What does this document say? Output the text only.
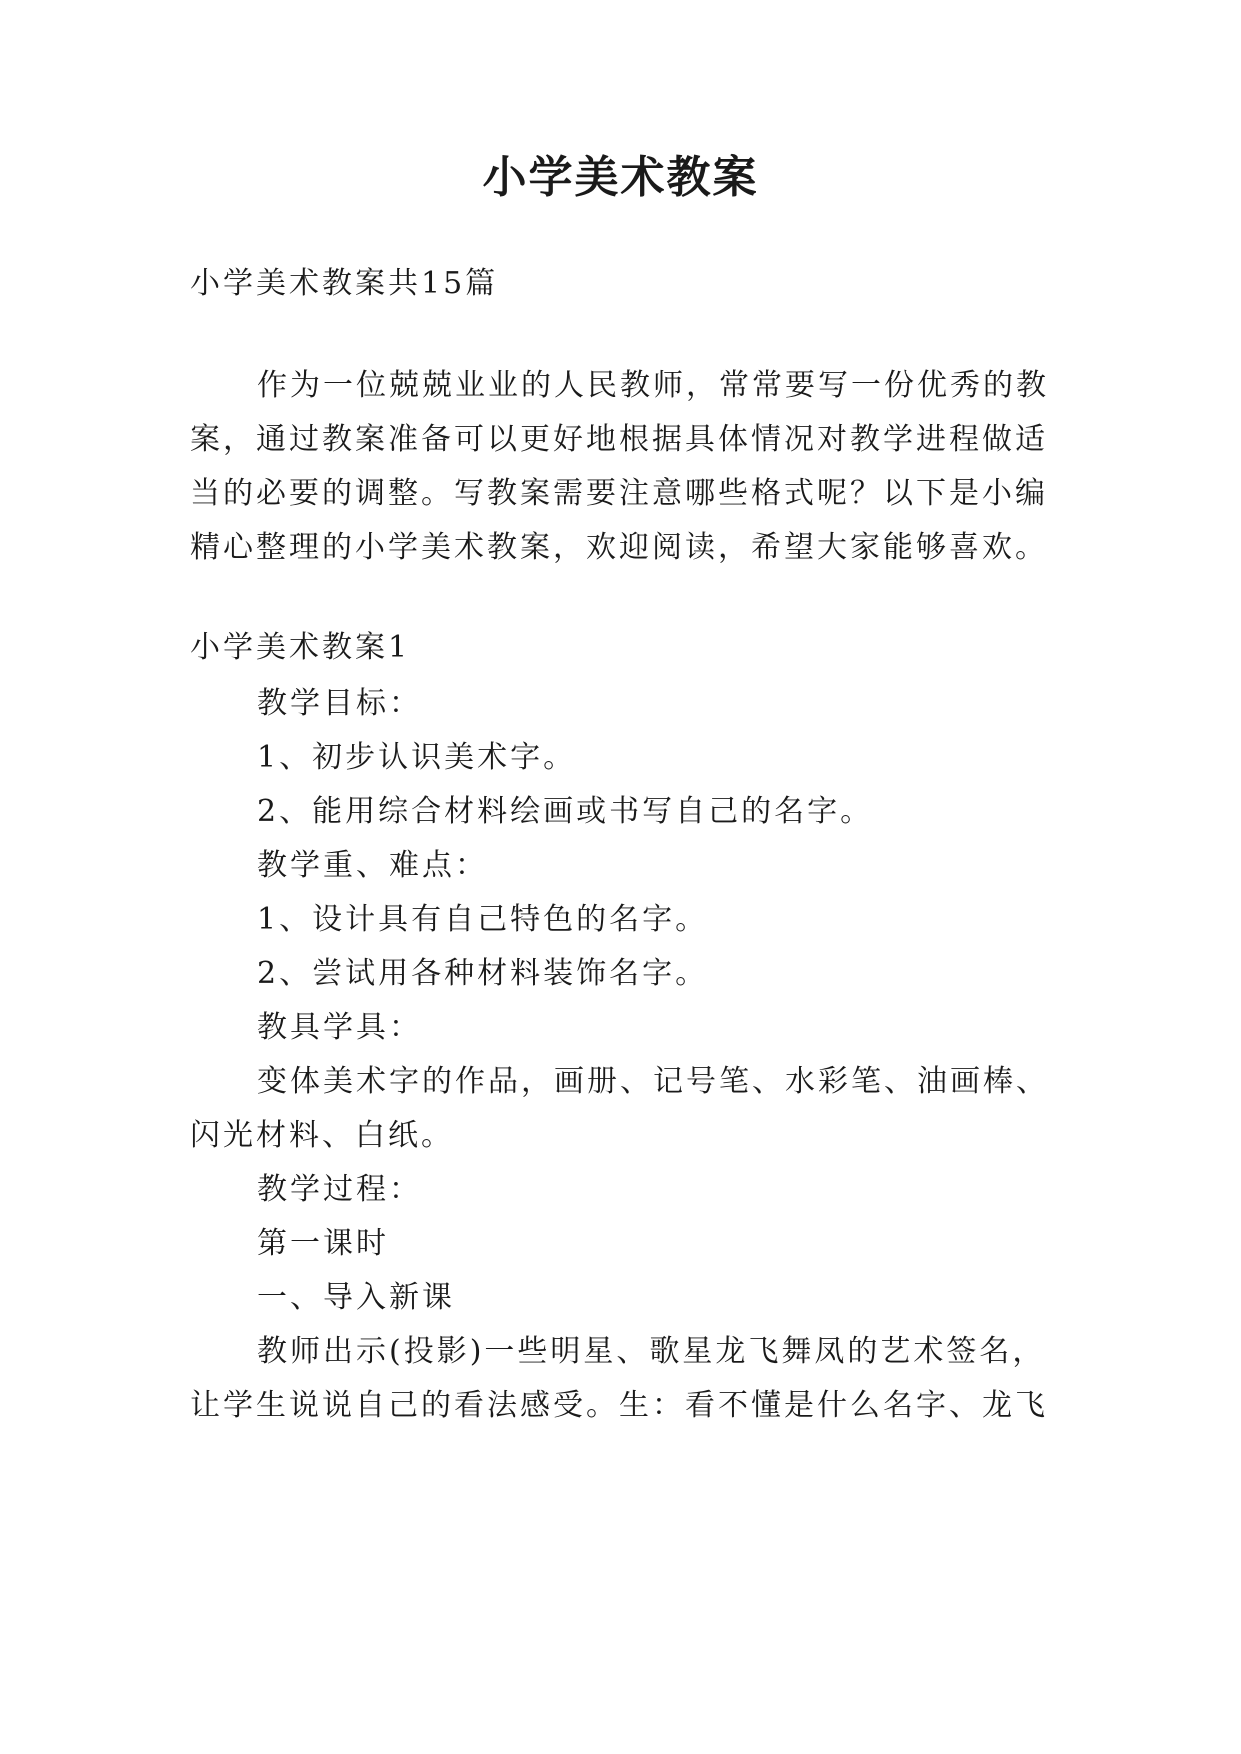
小学美术教案
小学美术教案共15篇
作为一位兢兢业业的人民教师，常常要写一份优秀的教
案，通过教案准备可以更好地根据具体情况对教学进程做适
当的必要的调整。写教案需要注意哪些格式呢？以下是小编
精心整理的小学美术教案，欢迎阅读，希望大家能够喜欢。
小学美术教案1
教学目标：
1、初步认识美术字。
2、能用综合材料绘画或书写自己的名字。
教学重、难点：
1、设计具有自己特色的名字。
2、尝试用各种材料装饰名字。
教具学具：
变体美术字的作品，画册、记号笔、水彩笔、油画棒、
闪光材料、白纸。
教学过程：
第一课时
一、导入新课
教师出示(投影)一些明星、歌星龙飞舞凤的艺术签名，
让学生说说自己的看法感受。生：看不懂是什么名字、龙飞
